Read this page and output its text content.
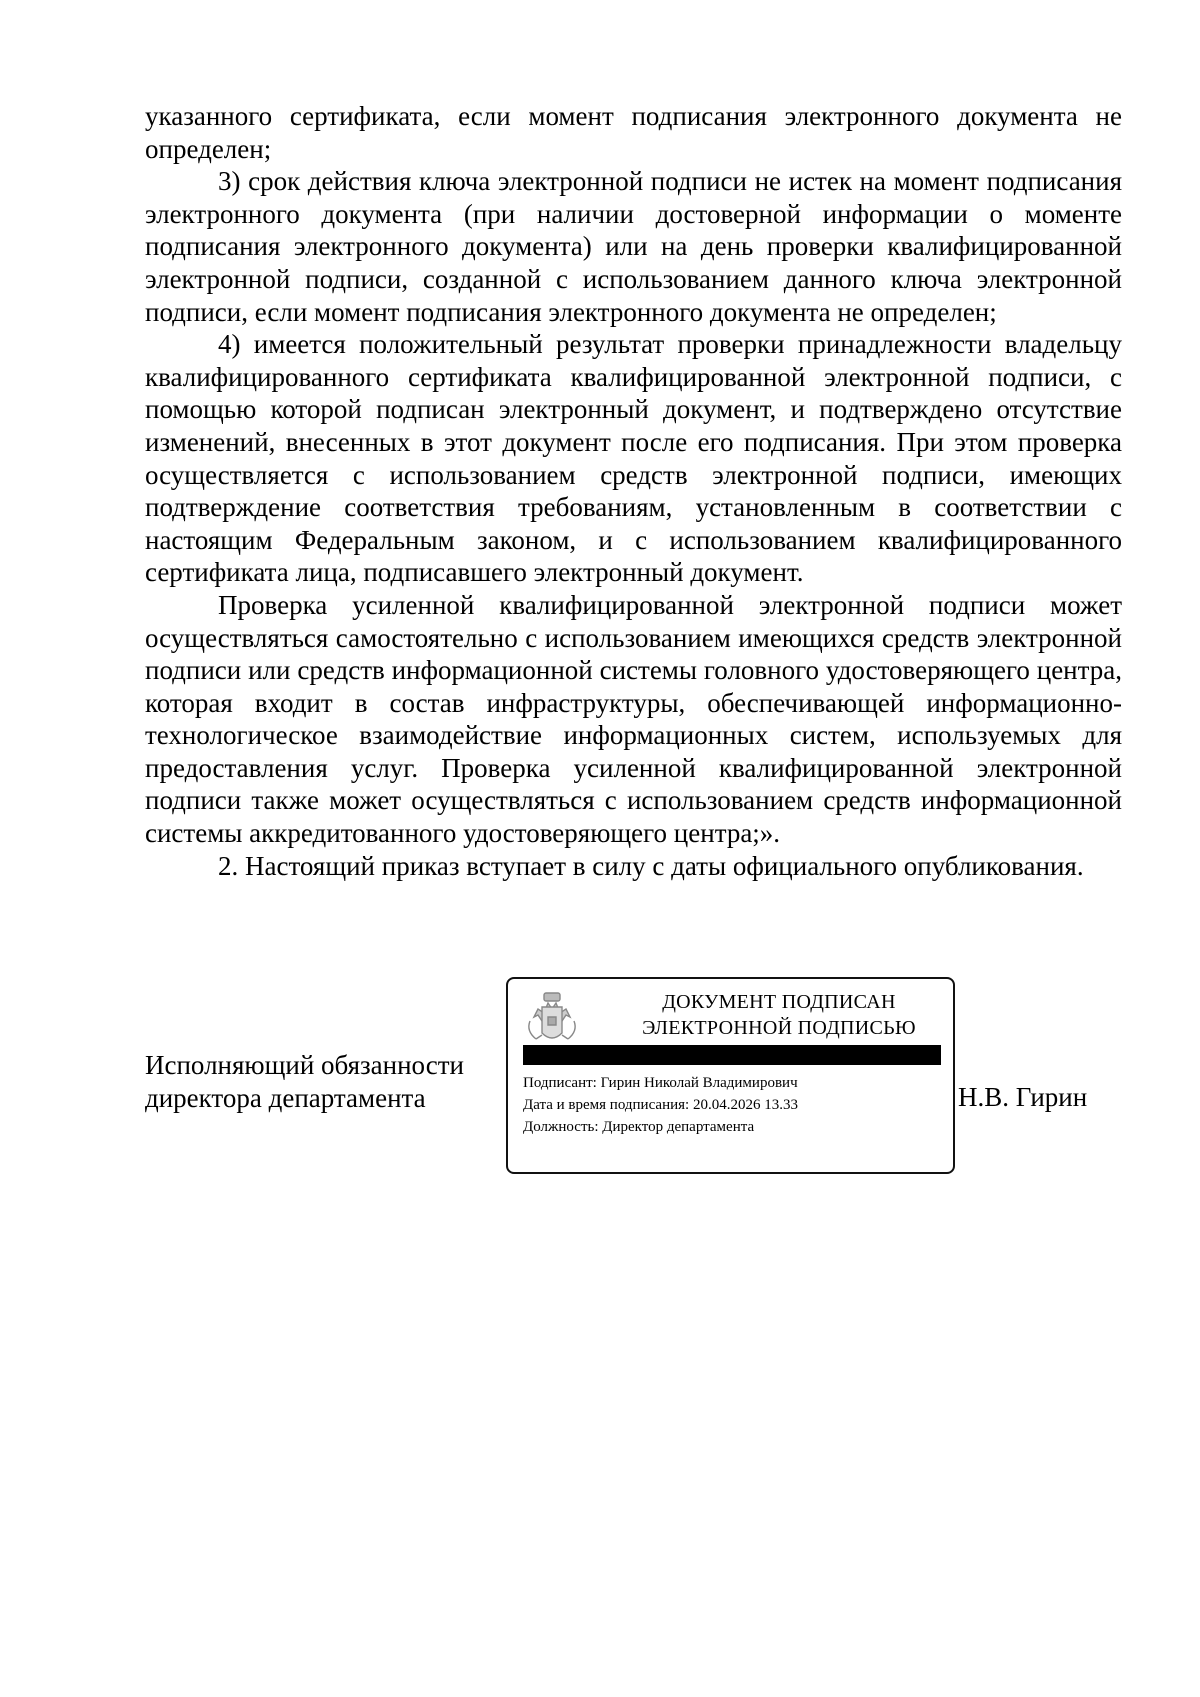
указанного сертификата, если момент подписания электронного документа не определен;

3) срок действия ключа электронной подписи не истек на момент подписания электронного документа (при наличии достоверной информации о моменте подписания электронного документа) или на день проверки квалифицированной электронной подписи, созданной с использованием данного ключа электронной подписи, если момент подписания электронного документа не определен;

4) имеется положительный результат проверки принадлежности владельцу квалифицированного сертификата квалифицированной электронной подписи, с помощью которой подписан электронный документ, и подтверждено отсутствие изменений, внесенных в этот документ после его подписания. При этом проверка осуществляется с использованием средств электронной подписи, имеющих подтверждение соответствия требованиям, установленным в соответствии с настоящим Федеральным законом, и с использованием квалифицированного сертификата лица, подписавшего электронный документ.

Проверка усиленной квалифицированной электронной подписи может осуществляться самостоятельно с использованием имеющихся средств электронной подписи или средств информационной системы головного удостоверяющего центра, которая входит в состав инфраструктуры, обеспечивающей информационно-технологическое взаимодействие информационных систем, используемых для предоставления услуг. Проверка усиленной квалифицированной электронной подписи также может осуществляться с использованием средств информационной системы аккредитованного удостоверяющего центра;».

2. Настоящий приказ вступает в силу с даты официального опубликования.

Исполняющий обязанности
директора департамента	Н.В. Гирин
ДОКУМЕНТ ПОДПИСАН
ЭЛЕКТРОННОЙ ПОДПИСЬЮ
Подписант: Гирин Николай Владимирович
Дата и время подписания: 20.04.2026 13.33
Должность: Директор департамента
